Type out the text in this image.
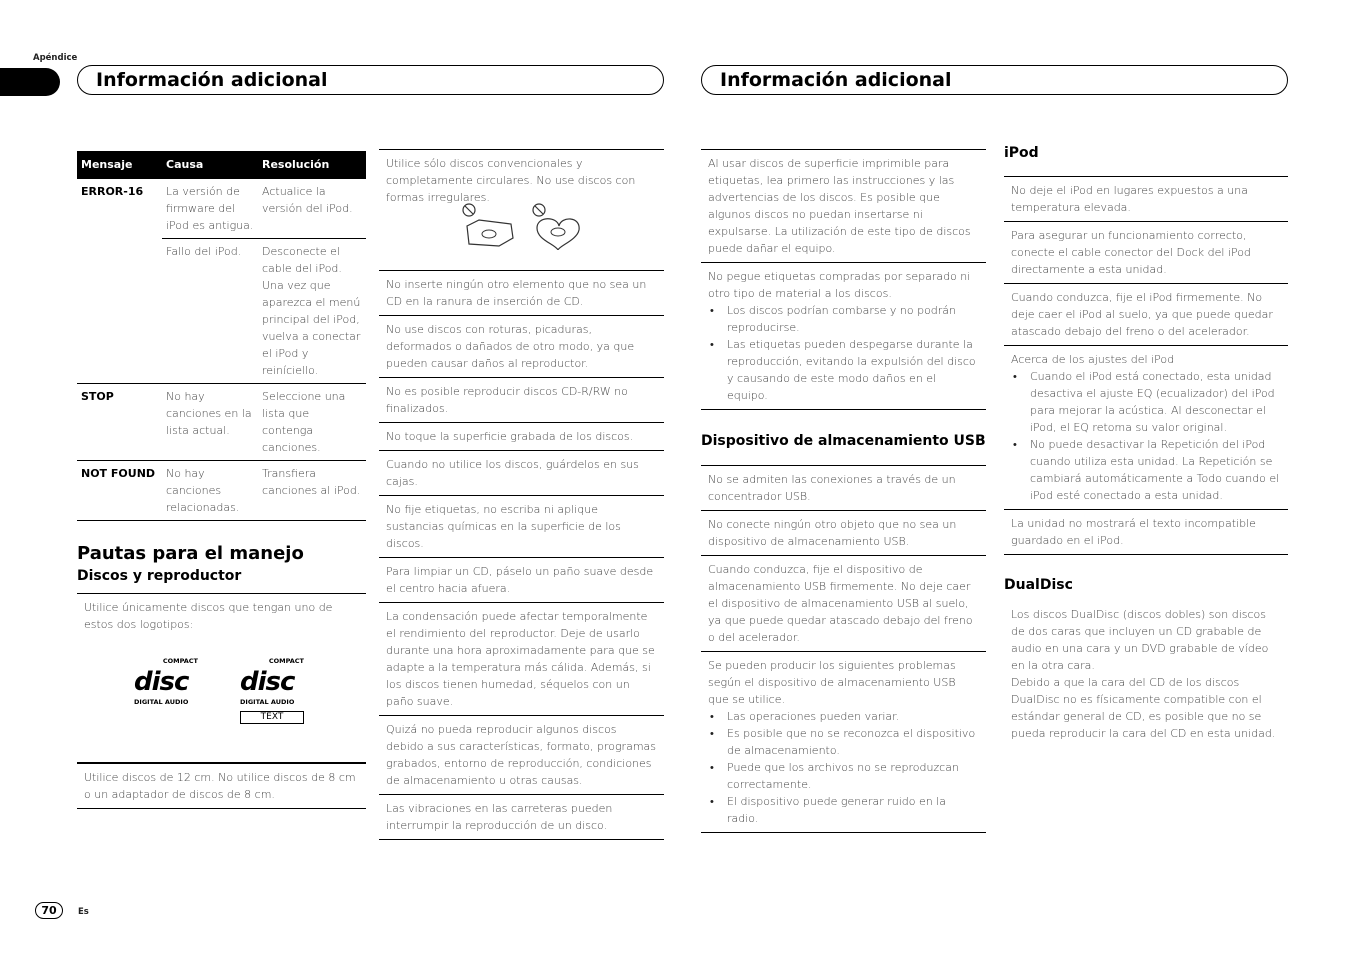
Apéndice
Información adicional	Información adicional
Mensaje	Causa	Resolución
ERROR-16	La versión de firmware del iPod es antigua.	Actualice la versión del iPod.
	Fallo del iPod.	Desconecte el cable del iPod. Una vez que aparezca el menú principal del iPod, vuelva a conectar el iPod y reiníciello.
STOP	No hay canciones en la lista actual.	Seleccione una lista que contenga canciones.
NOT FOUND	No hay canciones relacionadas.	Transfiera canciones al iPod.
Pautas para el manejo
Discos y reproductor
Utilice únicamente discos que tengan uno de estos dos logotipos:
COMPACT
disc
DIGITAL AUDIO
COMPACT
disc
DIGITAL AUDIO
TEXT
Utilice discos de 12 cm. No utilice discos de 8 cm o un adaptador de discos de 8 cm.
Utilice sólo discos convencionales y completamente circulares. No use discos con formas irregulares.
No inserte ningún otro elemento que no sea un CD en la ranura de inserción de CD.
No use discos con roturas, picaduras, deformados o dañados de otro modo, ya que pueden causar daños al reproductor.
No es posible reproducir discos CD-R/RW no finalizados.
No toque la superficie grabada de los discos.
Cuando no utilice los discos, guárdelos en sus cajas.
No fije etiquetas, no escriba ni aplique sustancias químicas en la superficie de los discos.
Para limpiar un CD, páselo un paño suave desde el centro hacia afuera.
La condensación puede afectar temporalmente el rendimiento del reproductor. Deje de usarlo durante una hora aproximadamente para que se adapte a la temperatura más cálida. Además, si los discos tienen humedad, séquelos con un paño suave.
Quizá no pueda reproducir algunos discos debido a sus características, formato, programas grabados, entorno de reproducción, condiciones de almacenamiento u otras causas.
Las vibraciones en las carreteras pueden interrumpir la reproducción de un disco.
Al usar discos de superficie imprimible para etiquetas, lea primero las instrucciones y las advertencias de los discos. Es posible que algunos discos no puedan insertarse ni expulsarse. La utilización de este tipo de discos puede dañar el equipo.
No pegue etiquetas compradas por separado ni otro tipo de material a los discos.
• Los discos podrían combarse y no podrán reproducirse.
• Las etiquetas pueden despegarse durante la reproducción, evitando la expulsión del disco y causando de este modo daños en el equipo.
Dispositivo de almacenamiento USB
No se admiten las conexiones a través de un concentrador USB.
No conecte ningún otro objeto que no sea un dispositivo de almacenamiento USB.
Cuando conduzca, fije el dispositivo de almacenamiento USB firmemente. No deje caer el dispositivo de almacenamiento USB al suelo, ya que puede quedar atascado debajo del freno o del acelerador.
Se pueden producir los siguientes problemas según el dispositivo de almacenamiento USB que se utilice.
• Las operaciones pueden variar.
• Es posible que no se reconozca el dispositivo de almacenamiento.
• Puede que los archivos no se reproduzcan correctamente.
• El dispositivo puede generar ruido en la radio.
iPod
No deje el iPod en lugares expuestos a una temperatura elevada.
Para asegurar un funcionamiento correcto, conecte el cable conector del Dock del iPod directamente a esta unidad.
Cuando conduzca, fije el iPod firmemente. No deje caer el iPod al suelo, ya que puede quedar atascado debajo del freno o del acelerador.
Acerca de los ajustes del iPod
• Cuando el iPod está conectado, esta unidad desactiva el ajuste EQ (ecualizador) del iPod para mejorar la acústica. Al desconectar el iPod, el EQ retoma su valor original.
• No puede desactivar la Repetición del iPod cuando utiliza esta unidad. La Repetición se cambiará automáticamente a Todo cuando el iPod esté conectado a esta unidad.
La unidad no mostrará el texto incompatible guardado en el iPod.
DualDisc
Los discos DualDisc (discos dobles) son discos de dos caras que incluyen un CD grabable de audio en una cara y un DVD grabable de vídeo en la otra cara.
Debido a que la cara del CD de los discos DualDisc no es físicamente compatible con el estándar general de CD, es posible que no se pueda reproducir la cara del CD en esta unidad.
70	Es
